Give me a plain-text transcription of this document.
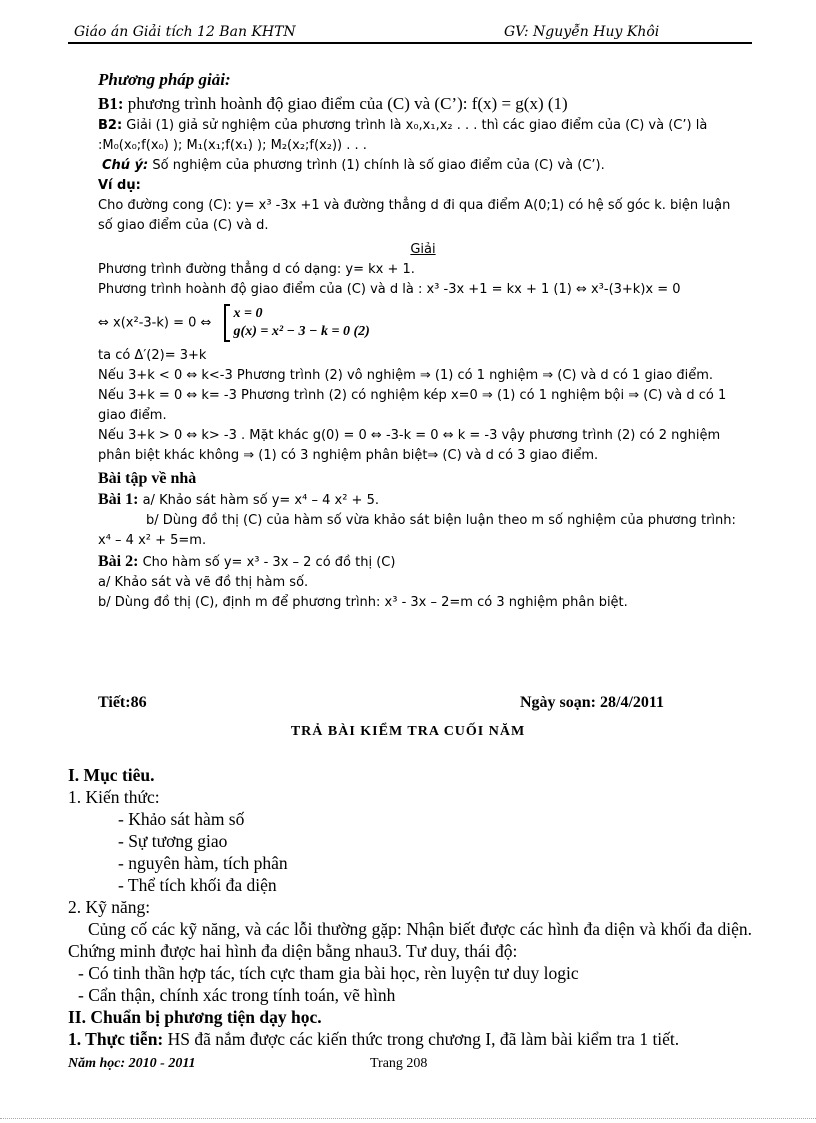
Giáo án Giải tích 12 Ban KHTN	GV: Nguyễn Huy Khôi

Phương pháp giải:

B1: phương trình hoành độ giao điểm của (C) và (C’): f(x) = g(x) (1)

B2: Giải (1) giả sử nghiệm của phương trình là x₀,x₁,x₂ . . . thì các giao điểm của (C) và (C’) là :M₀(x₀;f(x₀) ); M₁(x₁;f(x₁) ); M₂(x₂;f(x₂)) . . .

Chú ý: Số nghiệm của phương trình (1) chính là số giao điểm của (C) và (C’).

Ví dụ:

Cho đường cong (C): y= x³ -3x +1 và đường thẳng d đi qua điểm A(0;1) có hệ số góc k. biện luận số giao điểm của (C) và d.

Giải

Phương trình đường thẳng d có dạng: y= kx + 1.

Phương trình hoành độ giao điểm của (C) và d là : x³ -3x +1 = kx + 1 (1) ⇔ x³-(3+k)x = 0

⇔ x(x²-3-k) = 0 ⇔
x = 0
g(x) = x² − 3 − k = 0 (2)

ta có Δ′(2)= 3+k

Nếu 3+k < 0 ⇔ k<-3 Phương trình (2) vô nghiệm ⇒ (1) có 1 nghiệm ⇒ (C) và d có 1 giao điểm.

Nếu 3+k = 0 ⇔ k= -3 Phương trình (2) có nghiệm kép x=0 ⇒ (1) có 1 nghiệm bội ⇒ (C) và d có 1 giao điểm.

Nếu 3+k > 0 ⇔ k> -3 . Mặt khác g(0) = 0 ⇔ -3-k = 0 ⇔ k = -3 vậy phương trình (2) có 2 nghiệm phân biệt khác không ⇒ (1) có 3 nghiệm phân biệt⇒ (C) và d có 3 giao điểm.

Bài tập về nhà

Bài 1: a/ Khảo sát hàm số y= x⁴ – 4 x² + 5.

b/ Dùng đồ thị (C) của hàm số vừa khảo sát biện luận theo m số nghiệm của phương trình:

x⁴ – 4 x² + 5=m.

Bài 2: Cho hàm số y= x³ - 3x – 2 có đồ thị (C)

a/ Khảo sát và vẽ đồ thị hàm số.

b/ Dùng đồ thị (C), định m để phương trình: x³ - 3x – 2=m có 3 nghiệm phân biệt.

Tiết:86	Ngày soạn: 28/4/2011
TRẢ BÀI KIỂM TRA CUỐI NĂM

I. Mục tiêu.

1. Kiến thức:

- Khảo sát hàm số

- Sự tương giao

- nguyên hàm, tích phân

- Thể tích khối đa diện

2. Kỹ năng:

Củng cố các kỹ năng, và các lỗi thường gặp: Nhận biết được các hình đa diện và khối đa diện. Chứng minh được hai hình đa diện bằng nhau3. Tư duy, thái độ:

- Có tinh thần hợp tác, tích cực tham gia bài học, rèn luyện tư duy logic

- Cẩn thận, chính xác trong tính toán, vẽ hình

II. Chuẩn bị phương tiện dạy học.

1. Thực tiễn: HS đã nắm được các kiến thức trong chương I, đã làm bài kiểm tra 1 tiết.

Năm học: 2010 - 2011	Trang 208
